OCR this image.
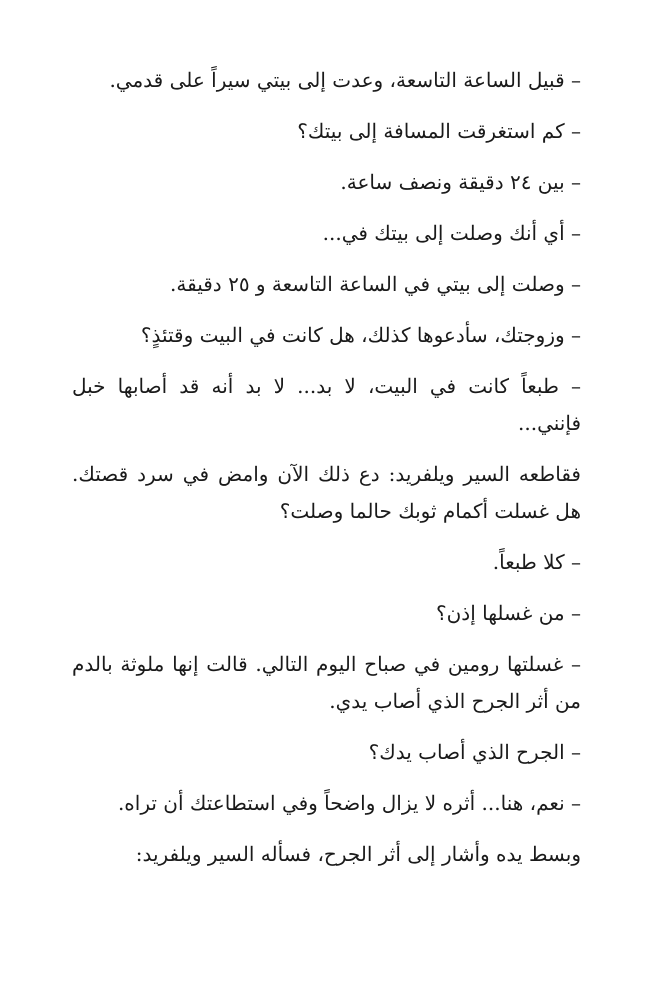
– قبيل الساعة التاسعة، وعدت إلى بيتي سيراً على قدمي.

– كم استغرقت المسافة إلى بيتك؟

– بين ٢٤ دقيقة ونصف ساعة.

– أي أنك وصلت إلى بيتك في...

– وصلت إلى بيتي في الساعة التاسعة و ٢٥ دقيقة.

– وزوجتك، سأدعوها كذلك، هل كانت في البيت وقتئذٍ؟

– طبعاً كانت في البيت، لا بد... لا بد أنه قد أصابها خبل فإنني...

فقاطعه السير ويلفريد: دع ذلك الآن وامض في سرد قصتك. هل غسلت أكمام ثوبك حالما وصلت؟

– كلا طبعاً.

– من غسلها إذن؟

– غسلتها رومين في صباح اليوم التالي. قالت إنها ملوثة بالدم من أثر الجرح الذي أصاب يدي.

– الجرح الذي أصاب يدك؟

– نعم، هنا... أثره لا يزال واضحاً وفي استطاعتك أن تراه.

وبسط يده وأشار إلى أثر الجرح، فسأله السير ويلفريد:
